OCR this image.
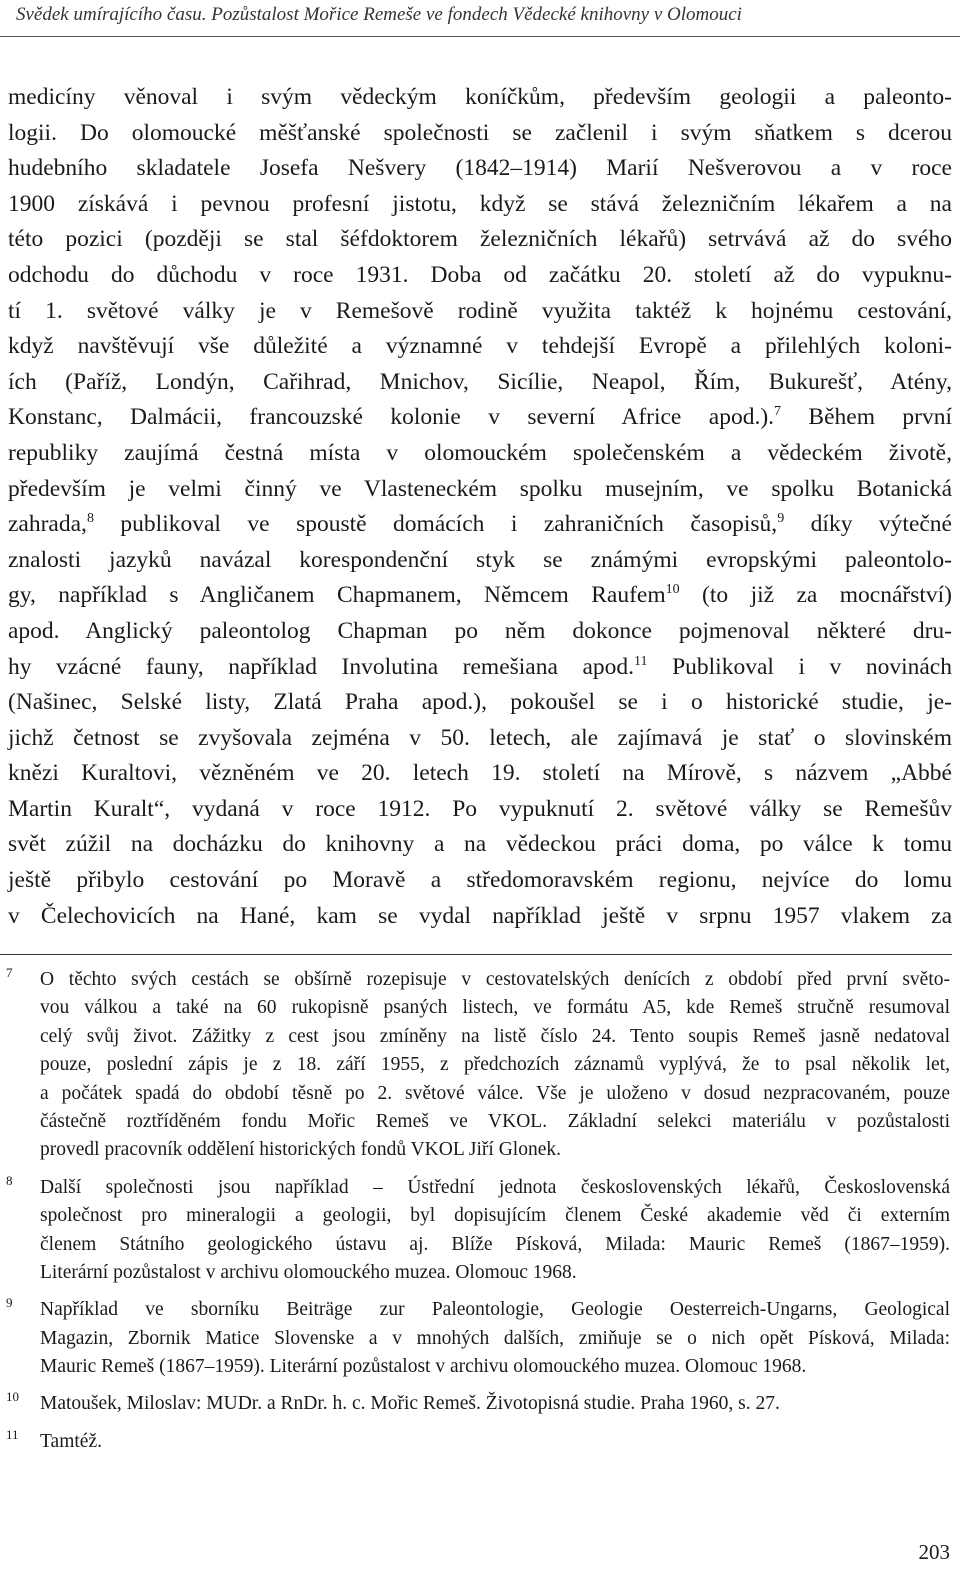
Svědek umírajícího času. Pozůstalost Mořice Remeše ve fondech Vědecké knihovny v Olomouci
medicíny věnoval i svým vědeckým koníčkům, především geologii a paleonto-
logii. Do olomoucké měšťanské společnosti se začlenil i svým sňatkem s dcerou
hudebního skladatele Josefa Nešvery (1842–1914) Marií Nešverovou a v roce
1900 získává i pevnou profesní jistotu, když se stává železničním lékařem a na
této pozici (později se stal šéfdoktorem železničních lékařů) setrvává až do svého
odchodu do důchodu v roce 1931. Doba od začátku 20. století až do vypuknu-
tí 1. světové války je v Remešově rodině využita taktéž k hojnému cestování,
když navštěvují vše důležité a významné v tehdejší Evropě a přilehlých koloni-
ích (Paříž, Londýn, Cařihrad, Mnichov, Sicílie, Neapol, Řím, Bukurešť, Atény,
Konstanc, Dalmácii, francouzské kolonie v severní Africe apod.).$^7$ Během první
republiky zaujímá čestná místa v olomouckém společenském a vědeckém životě,
především je velmi činný ve Vlasteneckém spolku musejním, ve spolku Botanická
zahrada,$^8$ publikoval ve spoustě domácích i zahraničních časopisů,$^9$ díky výtečné
znalosti jazyků navázal korespondenční styk se známými evropskými paleontolo-
gy, například s Angličanem Chapmanem, Němcem Raufem$^{10}$ (to již za mocnářství)
apod. Anglický paleontolog Chapman po něm dokonce pojmenoval některé dru-
hy vzácné fauny, například Involutina remešiana apod.$^{11}$ Publikoval i v novinách
(Našinec, Selské listy, Zlatá Praha apod.), pokoušel se i o historické studie, je-
jichž četnost se zvyšovala zejména v 50. letech, ale zajímavá je stať o slovinském
knězi Kuraltovi, vězněném ve 20. letech 19. století na Mírově, s názvem „Abbé
Martin Kuralt“, vydaná v roce 1912. Po vypuknutí 2. světové války se Remešův
svět zúžil na docházku do knihovny a na vědeckou práci doma, po válce k tomu
ještě přibylo cestování po Moravě a středomoravském regionu, nejvíce do lomu
v Čelechovicích na Hané, kam se vydal například ještě v srpnu 1957 vlakem za
7 O těchto svých cestách se obšírně rozepisuje v cestovatelských denících z období před první světo-
vou válkou a také na 60 rukopisně psaných listech, ve formátu A5, kde Remeš stručně resumoval
celý svůj život. Zážitky z cest jsou zmíněny na listě číslo 24. Tento soupis Remeš jasně nedatoval
pouze, poslední zápis je z 18. září 1955, z předchozích záznamů vyplývá, že to psal několik let,
a počátek spadá do období těsně po 2. světové válce. Vše je uloženo v dosud nezpracovaném, pouze
částečně roztříděném fondu Mořic Remeš ve VKOL. Základní selekci materiálu v pozůstalosti
provedl pracovník oddělení historických fondů VKOL Jiří Glonek.
8 Další společnosti jsou například – Ústřední jednota československých lékařů, Československá
společnost pro mineralogii a geologii, byl dopisujícím členem České akademie věd či externím
členem Státního geologického ústavu aj. Blíže Písková, Milada: Mauric Remeš (1867–1959).
Literární pozůstalost v archivu olomouckého muzea. Olomouc 1968.
9 Například ve sborníku Beiträge zur Paleontologie, Geologie Oesterreich-Ungarns, Geological
Magazin, Zbornik Matice Slovenske a v mnohých dalších, zmiňuje se o nich opět Písková, Milada:
Mauric Remeš (1867–1959). Literární pozůstalost v archivu olomouckého muzea. Olomouc 1968.
10 Matoušek, Miloslav: MUDr. a RnDr. h. c. Mořic Remeš. Životopisná studie. Praha 1960, s. 27.
11 Tamtéž.
203
